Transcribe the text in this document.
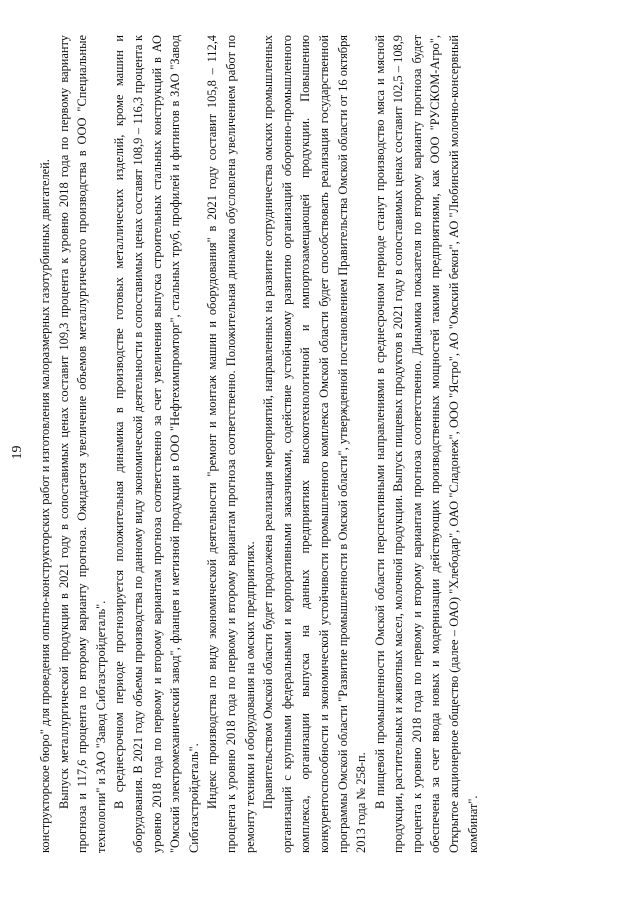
19 конструкторское бюро" для проведения опытно-конструкторских работ и изготовления малоразмерных газотурбинных двигателей. Выпуск металлургической продукции в 2021 году в сопоставимых ценах составит 109,3 процента к уровню 2018 года по первому варианту прогноза и 117,6 процента по второму варианту прогноза. Ожидается увеличение объемов металлургического производства в ООО "Специальные технологии" и ЗАО "Завод Сибгазстройдеталь". В среднесрочном периоде прогнозируется положительная динамика в производстве готовых металлических изделий, кроме машин и оборудования. В 2021 году объемы производства по данному виду экономической деятельности в сопоставимых ценах составят 108,9 – 116,3 процента к уровню 2018 года по первому и второму вариантам прогноза соответственно за счет увеличения выпуска строительных стальных конструкций в АО "Омский электромеханический завод", фланцев и метизной продукции в ООО "Нефтехимпромторг", стальных труб, профилей и фитингов в ЗАО "Завод Сибгазстройдеталь". Индекс производства по виду экономической деятельности "ремонт и монтаж машин и оборудования" в 2021 году составит 105,8 – 112,4 процента к уровню 2018 года по первому и второму вариантам прогноза соответственно. Положительная динамика обусловлена увеличением работ по ремонту техники и оборудования на омских предприятиях. Правительством Омской области будет продолжена реализация мероприятий, направленных на развитие сотрудничества омских промышленных организаций с крупными федеральными и корпоративными заказчиками, содействие устойчивому развитию организаций оборонно-промышленного комплекса, организации выпуска на данных предприятиях высокотехнологичной и импортозамещающей продукции. Повышению конкурентоспособности и экономической устойчивости промышленного комплекса Омской области будет способствовать реализация государственной программы Омской области "Развитие промышленности в Омской области", утвержденной постановлением Правительства Омской области от 16 октября 2013 года № 258-п. В пищевой промышленности Омской области перспективными направлениями в среднесрочном периоде станут производство мяса и мясной продукции, растительных и животных масел, молочной продукции. Выпуск пищевых продуктов в 2021 году в сопоставимых ценах составит 102,5 – 108,9 процента к уровню 2018 года по первому и второму вариантам прогноза соответственно. Динамика показателя по второму варианту прогноза будет обеспечена за счет ввода новых и модернизации действующих производственных мощностей такими предприятиями, как ООО "РУСКОМ-Агро", Открытое акционерное общество (далее – ОАО) "Хлебодар", ОАО "Сладонеж", ООО "Ястро", АО "Омский бекон", АО "Любинский молочно-консервный комбинат".
